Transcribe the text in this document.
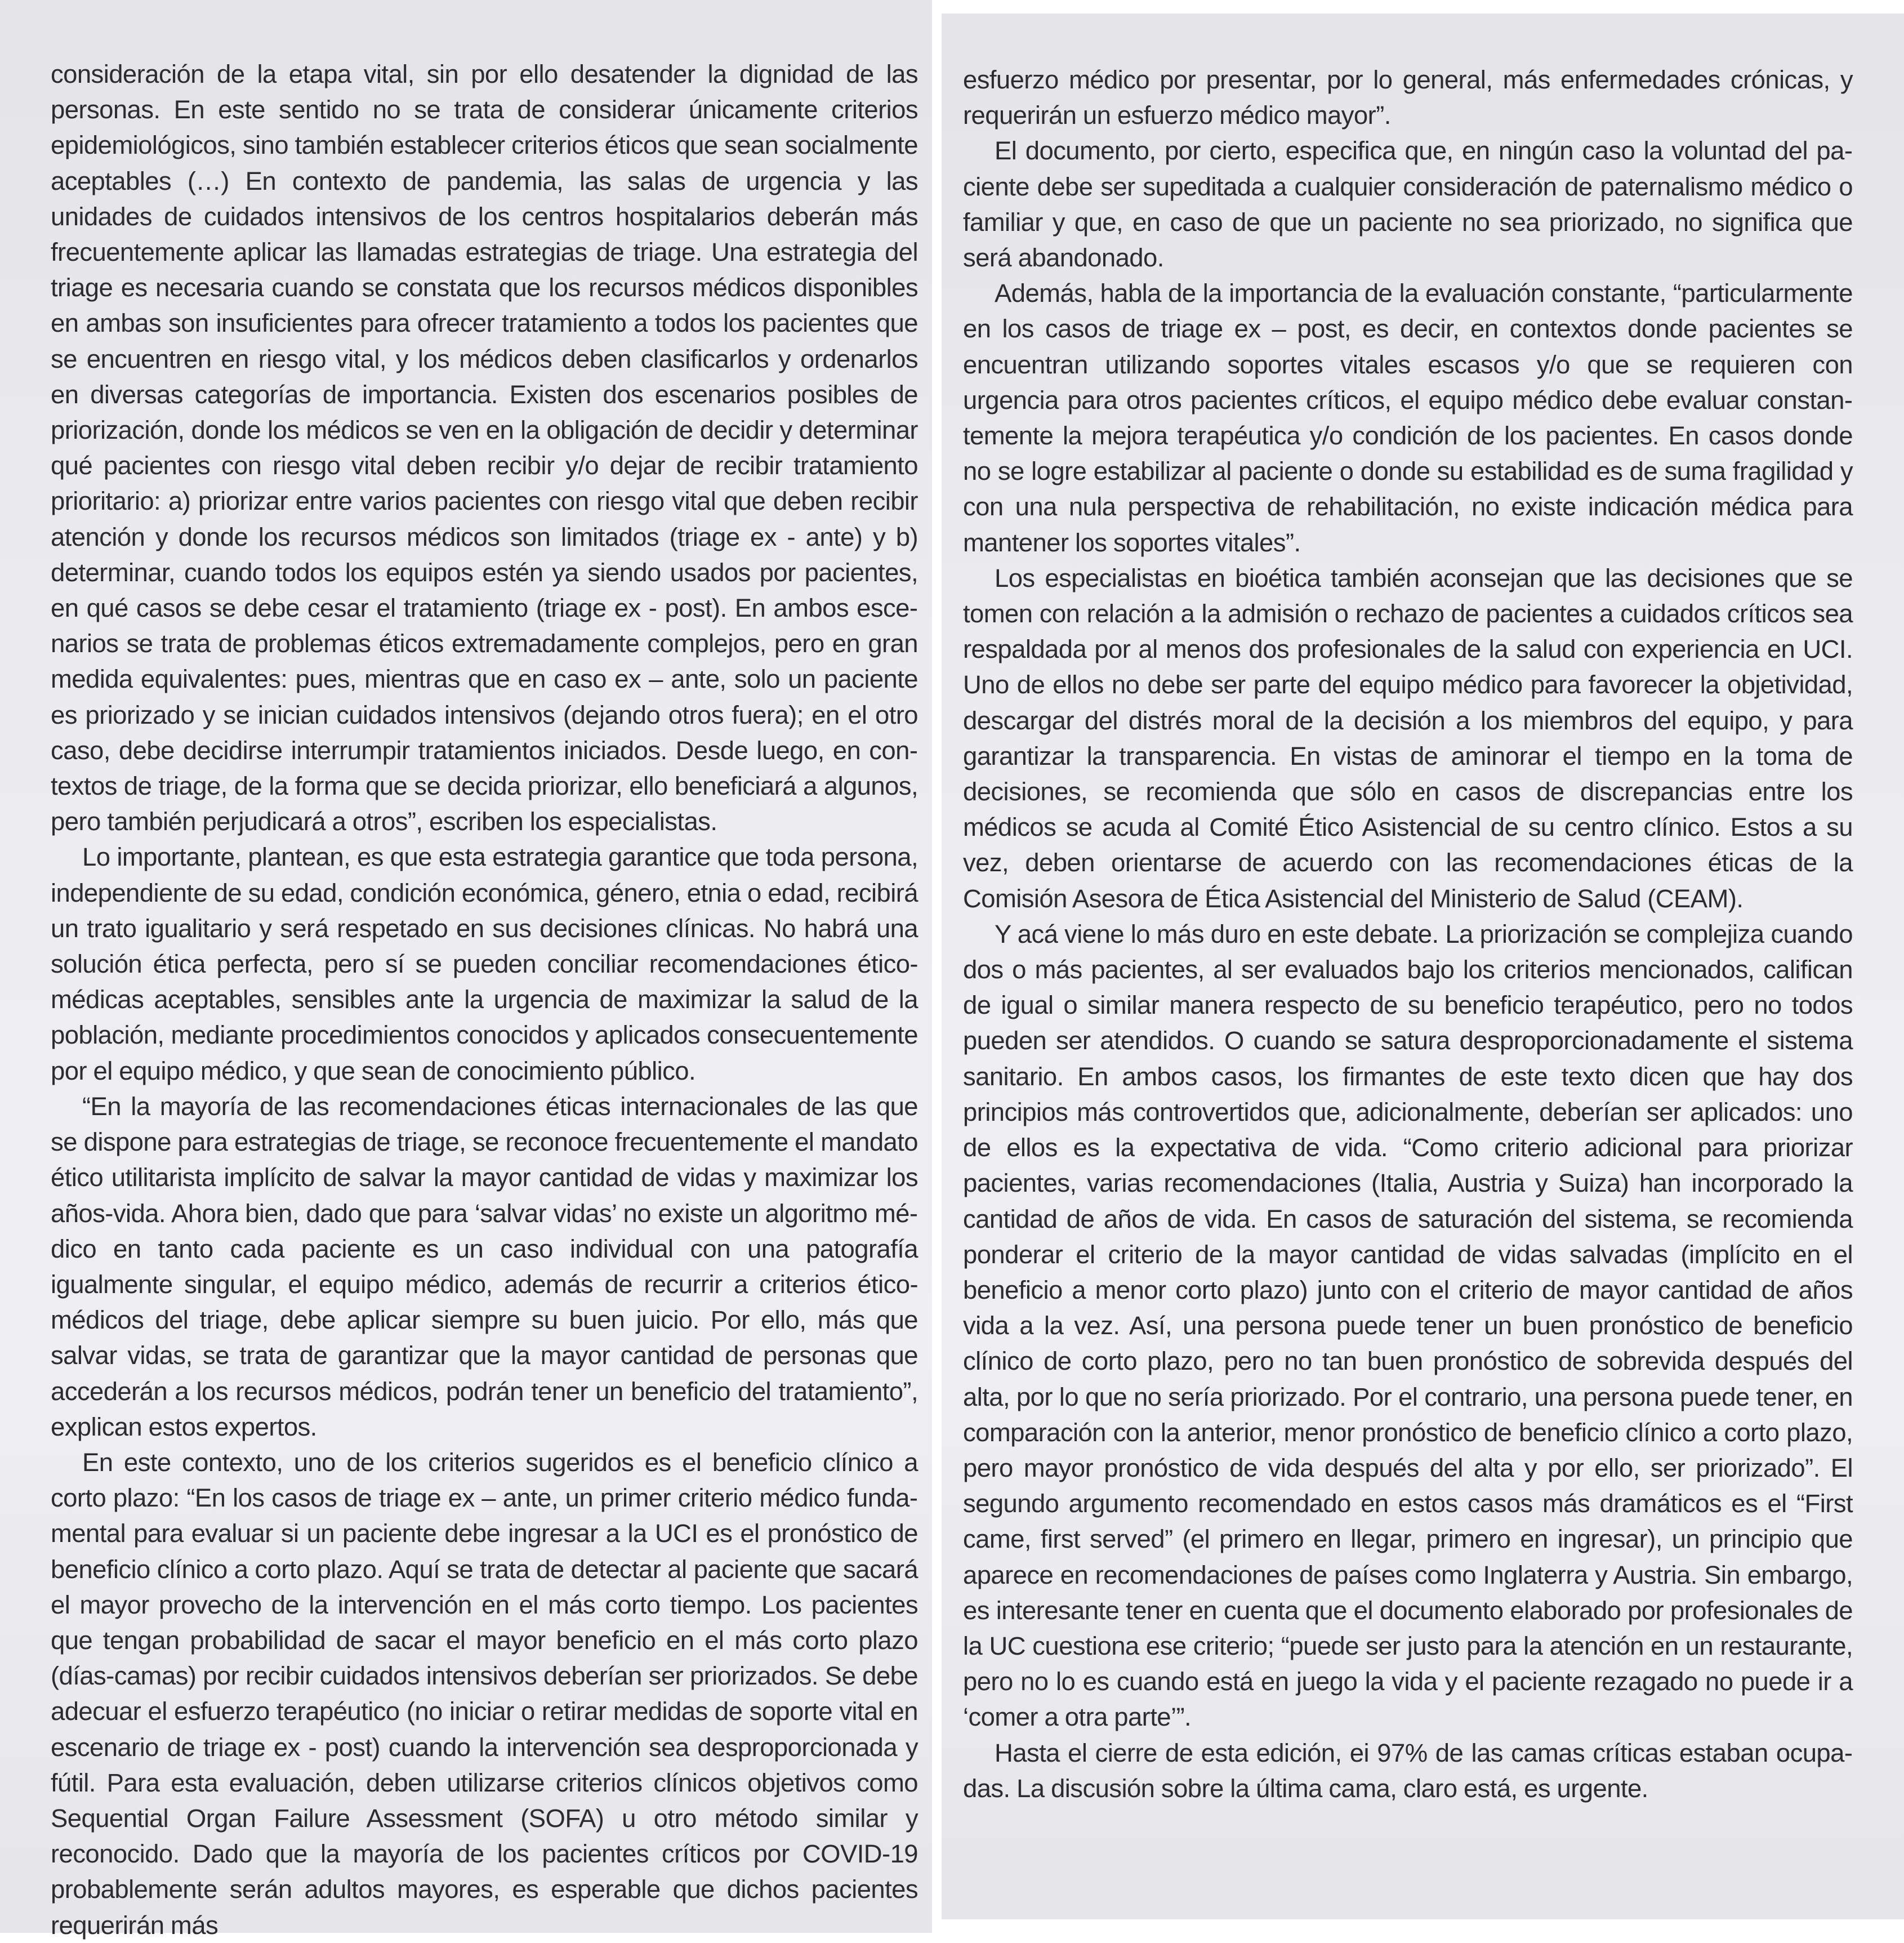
consideración de la etapa vital, sin por ello desatender la dignidad de las personas. En este sentido no se trata de considerar únicamente criterios epidemiológicos, sino también establecer criterios éticos que sean socialmente aceptables (…) En contexto de pandemia, las salas de urgencia y las unidades de cuidados intensivos de los centros hospitalarios deberán más frecuentemente aplicar las llamadas estrategias de triage. Una estrategia del triage es necesaria cuando se constata que los recursos médicos disponibles en ambas son insuficientes para ofrecer tratamiento a todos los pacientes que se encuentren en riesgo vital, y los médicos deben clasificarlos y ordenarlos en diversas categorías de importancia. Existen dos escenarios posibles de priorización, donde los médicos se ven en la obligación de decidir y determinar qué pacientes con riesgo vital deben recibir y/o dejar de recibir tratamiento prioritario: a) priorizar entre varios pacientes con riesgo vital que deben recibir atención y donde los recursos médicos son limitados (triage ex - ante) y b) determinar, cuando todos los equipos estén ya siendo usados por pacientes, en qué casos se debe cesar el tratamiento (triage ex - post). En ambos escenarios se trata de problemas éticos extremadamente complejos, pero en gran medida equivalentes: pues, mientras que en caso ex – ante, solo un paciente es priorizado y se inician cuidados intensivos (dejando otros fuera); en el otro caso, debe decidirse interrumpir tratamientos iniciados. Desde luego, en contextos de triage, de la forma que se decida priorizar, ello beneficiará a algunos, pero también perjudicará a otros”, escriben los especialistas.

Lo importante, plantean, es que esta estrategia garantice que toda persona, independiente de su edad, condición económica, género, etnia o edad, recibirá un trato igualitario y será respetado en sus decisiones clínicas. No habrá una solución ética perfecta, pero sí se pueden conciliar recomendaciones ético-médicas aceptables, sensibles ante la urgencia de maximizar la salud de la población, mediante procedimientos conocidos y aplicados consecuentemente por el equipo médico, y que sean de conocimiento público.

“En la mayoría de las recomendaciones éticas internacionales de las que se dispone para estrategias de triage, se reconoce frecuentemente el mandato ético utilitarista implícito de salvar la mayor cantidad de vidas y maximizar los años-vida. Ahora bien, dado que para ‘salvar vidas’ no existe un algoritmo médico en tanto cada paciente es un caso individual con una patografía igualmente singular, el equipo médico, además de recurrir a criterios ético-médicos del triage, debe aplicar siempre su buen juicio. Por ello, más que salvar vidas, se trata de garantizar que la mayor cantidad de personas que accederán a los recursos médicos, podrán tener un beneficio del tratamiento”, explican estos expertos.

En este contexto, uno de los criterios sugeridos es el beneficio clínico a corto plazo: “En los casos de triage ex – ante, un primer criterio médico fundamental para evaluar si un paciente debe ingresar a la UCI es el pronóstico de beneficio clínico a corto plazo. Aquí se trata de detectar al paciente que sacará el mayor provecho de la intervención en el más corto tiempo. Los pacientes que tengan probabilidad de sacar el mayor beneficio en el más corto plazo (días-camas) por recibir cuidados intensivos deberían ser priorizados. Se debe adecuar el esfuerzo terapéutico (no iniciar o retirar medidas de soporte vital en escenario de triage ex - post) cuando la intervención sea desproporcionada y fútil. Para esta evaluación, deben utilizarse criterios clínicos objetivos como Sequential Organ Failure Assessment (SOFA) u otro método similar y reconocido. Dado que la mayoría de los pacientes críticos por COVID-19 probablemente serán adultos mayores, es esperable que dichos pacientes requerirán más

esfuerzo médico por presentar, por lo general, más enfermedades crónicas, y requerirán un esfuerzo médico mayor”.

El documento, por cierto, especifica que, en ningún caso la voluntad del paciente debe ser supeditada a cualquier consideración de paternalismo médico o familiar y que, en caso de que un paciente no sea priorizado, no significa que será abandonado.

Además, habla de la importancia de la evaluación constante, “particularmente en los casos de triage ex – post, es decir, en contextos donde pacientes se encuentran utilizando soportes vitales escasos y/o que se requieren con urgencia para otros pacientes críticos, el equipo médico debe evaluar constantemente la mejora terapéutica y/o condición de los pacientes. En casos donde no se logre estabilizar al paciente o donde su estabilidad es de suma fragilidad y con una nula perspectiva de rehabilitación, no existe indicación médica para mantener los soportes vitales”.

Los especialistas en bioética también aconsejan que las decisiones que se tomen con relación a la admisión o rechazo de pacientes a cuidados críticos sea respaldada por al menos dos profesionales de la salud con experiencia en UCI. Uno de ellos no debe ser parte del equipo médico para favorecer la objetividad, descargar del distrés moral de la decisión a los miembros del equipo, y para garantizar la transparencia. En vistas de aminorar el tiempo en la toma de decisiones, se recomienda que sólo en casos de discrepancias entre los médicos se acuda al Comité Ético Asistencial de su centro clínico. Estos a su vez, deben orientarse de acuerdo con las recomendaciones éticas de la Comisión Asesora de Ética Asistencial del Ministerio de Salud (CEAM).

Y acá viene lo más duro en este debate. La priorización se complejiza cuando dos o más pacientes, al ser evaluados bajo los criterios mencionados, califican de igual o similar manera respecto de su beneficio terapéutico, pero no todos pueden ser atendidos. O cuando se satura desproporcionadamente el sistema sanitario. En ambos casos, los firmantes de este texto dicen que hay dos principios más controvertidos que, adicionalmente, deberían ser aplicados: uno de ellos es la expectativa de vida. “Como criterio adicional para priorizar pacientes, varias recomendaciones (Italia, Austria y Suiza) han incorporado la cantidad de años de vida. En casos de saturación del sistema, se recomienda ponderar el criterio de la mayor cantidad de vidas salvadas (implícito en el beneficio a menor corto plazo) junto con el criterio de mayor cantidad de años vida a la vez. Así, una persona puede tener un buen pronóstico de beneficio clínico de corto plazo, pero no tan buen pronóstico de sobrevida después del alta, por lo que no sería priorizado. Por el contrario, una persona puede tener, en comparación con la anterior, menor pronóstico de beneficio clínico a corto plazo, pero mayor pronóstico de vida después del alta y por ello, ser priorizado”. El segundo argumento recomendado en estos casos más dramáticos es el “First came, first served” (el primero en llegar, primero en ingresar), un principio que aparece en recomendaciones de países como Inglaterra y Austria. Sin embargo, es interesante tener en cuenta que el documento elaborado por profesionales de la UC cuestiona ese criterio; “puede ser justo para la atención en un restaurante, pero no lo es cuando está en juego la vida y el paciente rezagado no puede ir a ‘comer a otra parte’”.

Hasta el cierre de esta edición, ei 97% de las camas críticas estaban ocupadas. La discusión sobre la última cama, claro está, es urgente.
